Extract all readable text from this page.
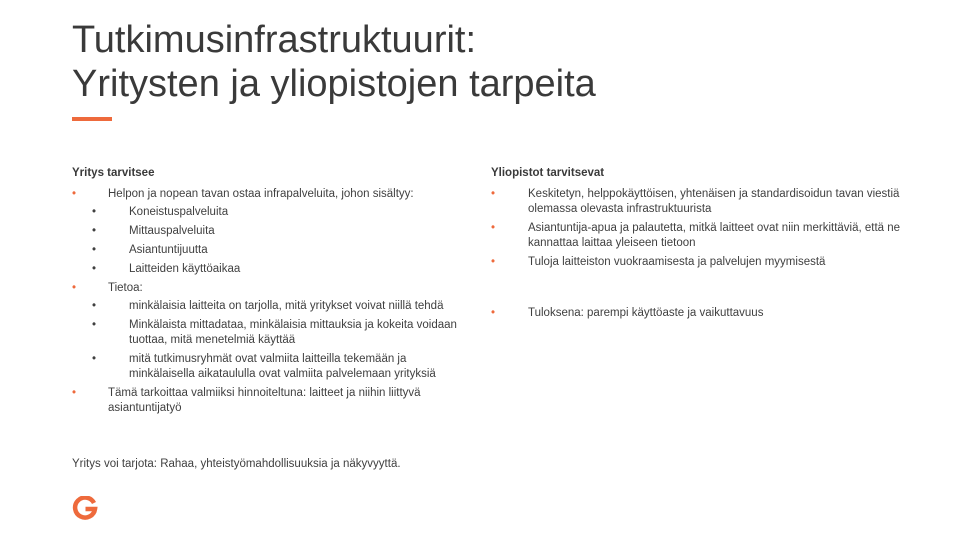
Tutkimusinfrastruktuurit:
Yritysten ja yliopistojen tarpeita
Yritys tarvitsee
• Helpon ja nopean tavan ostaa infrapalveluita, johon sisältyy:
• Koneistuspalveluita
• Mittauspalveluita
• Asiantuntijuutta
• Laitteiden käyttöaikaa
• Tietoa:
• minkälaisia laitteita on tarjolla, mitä yritykset voivat niillä tehdä
• Minkälaista mittadataa, minkälaisia mittauksia ja kokeita voidaan tuottaa, mitä menetelmiä käyttää
• mitä tutkimusryhmät ovat valmiita laitteilla tekemään ja minkälaisella aikataululla ovat valmiita palvelemaan yrityksiä
• Tämä tarkoittaa valmiiksi hinnoiteltuna: laitteet ja niihin liittyvä asiantuntijatyö
Yliopistot tarvitsevat
• Keskitetyn, helppokäyttöisen, yhtenäisen ja standardisoidun tavan viestiä olemassa olevasta infrastruktuurista
• Asiantuntija-apua ja palautetta, mitkä laitteet ovat niin merkittäviä, että ne kannattaa laittaa yleiseen tietoon
• Tuloja laitteiston vuokraamisesta ja palvelujen myymisestä
• Tuloksena: parempi käyttöaste ja vaikuttavuus
Yritys voi tarjota: Rahaa, yhteistyömahdollisuuksia ja näkyvyyttä.
